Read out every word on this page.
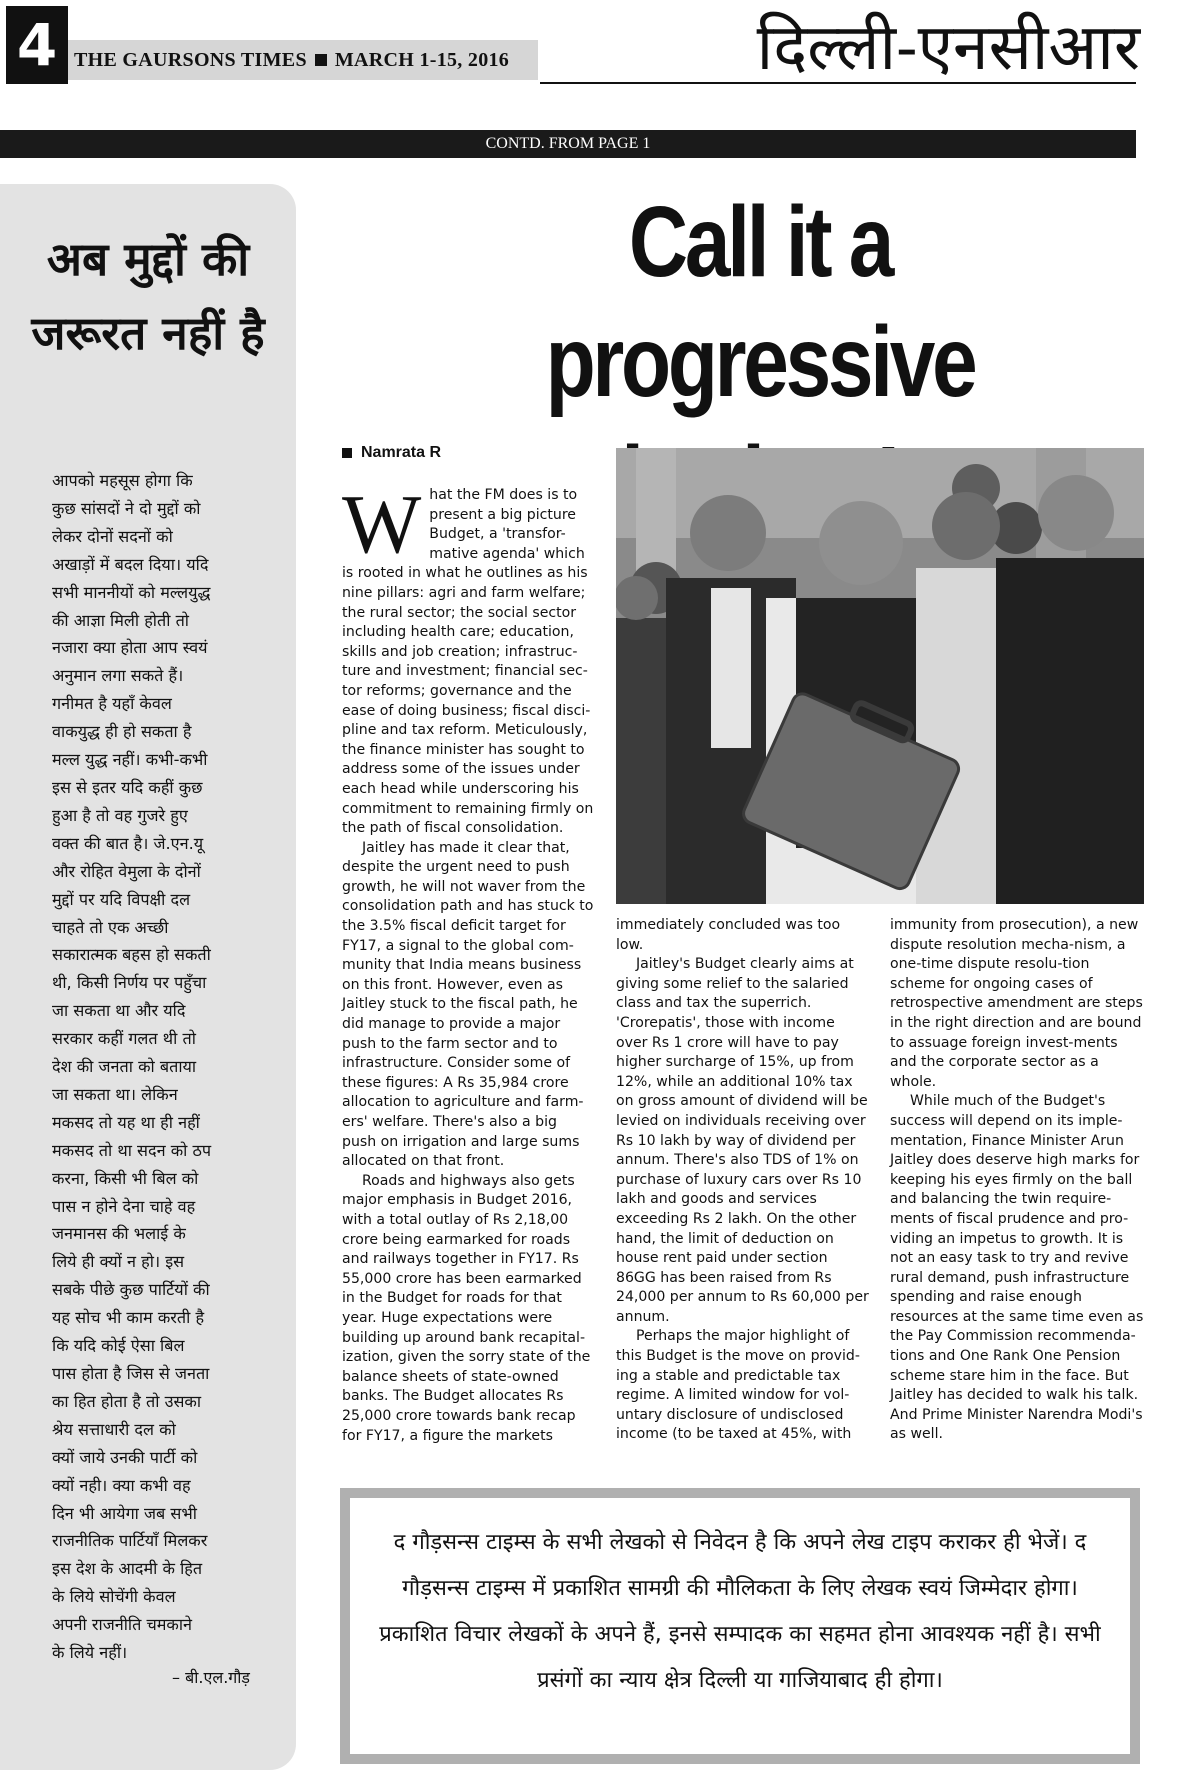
4 THE GAURSONS TIMES MARCH 1-15, 2016	दिल्ली-एनसीआर
CONTD. FROM PAGE 1
अब मुद्दों की जरूरत नहीं है
आपको महसूस होगा कि
कुछ सांसदों ने दो मुद्दों को
लेकर दोनों सदनों को
अखाड़ों में बदल दिया। यदि
सभी माननीयों को मल्लयुद्ध
की आज्ञा मिली होती तो
नजारा क्या होता आप स्वयं
अनुमान लगा सकते हैं।
गनीमत है यहाँ केवल
वाकयुद्ध ही हो सकता है
मल्ल युद्ध नहीं। कभी-कभी
इस से इतर यदि कहीं कुछ
हुआ है तो वह गुजरे हुए
वक्त की बात है। जे.एन.यू
और रोहित वेमुला के दोनों
मुद्दों पर यदि विपक्षी दल
चाहते तो एक अच्छी
सकारात्मक बहस हो सकती
थी, किसी निर्णय पर पहुँचा
जा सकता था और यदि
सरकार कहीं गलत थी तो
देश की जनता को बताया
जा सकता था। लेकिन
मकसद तो यह था ही नहीं
मकसद तो था सदन को ठप
करना, किसी भी बिल को
पास न होने देना चाहे वह
जनमानस की भलाई के
लिये ही क्यों न हो। इस
सबके पीछे कुछ पार्टियों की
यह सोच भी काम करती है
कि यदि कोई ऐसा बिल
पास होता है जिस से जनता
का हित होता है तो उसका
श्रेय सत्ताधारी दल को
क्यों जाये उनकी पार्टी को
क्यों नही। क्या कभी वह
दिन भी आयेगा जब सभी
राजनीतिक पार्टियाँ मिलकर
इस देश के आदमी के हित
के लिये सोचेंगी केवल
अपनी राजनीति चमकाने
के लिये नहीं।
– बी.एल.गौड़
Call it a
progressive
Namrata R

What the FM does is to present a big picture Budget, a 'transfor-mative agenda' which is rooted in what he outlines as his nine pillars: agri and farm welfare; the rural sector; the social sector including health care; education, skills and job creation; infrastruc-ture and investment; financial sec-tor reforms; governance and the ease of doing business; fiscal disci-pline and tax reform. Meticulously, the finance minister has sought to address some of the issues under each head while underscoring his commitment to remaining firmly on the path of fiscal consolidation.

Jaitley has made it clear that, despite the urgent need to push growth, he will not waver from the consolidation path and has stuck to the 3.5% fiscal deficit target for FY17, a signal to the global com-munity that India means business on this front. However, even as Jaitley stuck to the fiscal path, he did manage to provide a major push to the farm sector and to infrastructure. Consider some of these figures: A Rs 35,984 crore allocation to agriculture and farm-ers' welfare. There's also a big push on irrigation and large sums allocated on that front.

Roads and highways also gets major emphasis in Budget 2016, with a total outlay of Rs 2,18,00 crore being earmarked for roads and railways together in FY17. Rs 55,000 crore has been earmarked in the Budget for roads for that year. Huge expectations were building up around bank recapital-ization, given the sorry state of the balance sheets of state-owned banks. The Budget allocates Rs 25,000 crore towards bank recap for FY17, a figure the markets

immediately concluded was too low.

Jaitley's Budget clearly aims at giving some relief to the salaried class and tax the superrich. 'Crorepatis', those with income over Rs 1 crore will have to pay higher surcharge of 15%, up from 12%, while an additional 10% tax on gross amount of dividend will be levied on individuals receiving over Rs 10 lakh by way of dividend per annum. There's also TDS of 1% on purchase of luxury cars over Rs 10 lakh and goods and services exceeding Rs 2 lakh. On the other hand, the limit of deduction on house rent paid under section 86GG has been raised from Rs 24,000 per annum to Rs 60,000 per annum.

Perhaps the major highlight of this Budget is the move on provid-ing a stable and predictable tax regime. A limited window for vol-untary disclosure of undisclosed income (to be taxed at 45%, with

immunity from prosecution), a new dispute resolution mecha-nism, a one-time dispute resolu-tion scheme for ongoing cases of retrospective amendment are steps in the right direction and are bound to assuage foreign invest-ments and the corporate sector as a whole.

While much of the Budget's success will depend on its imple-mentation, Finance Minister Arun Jaitley does deserve high marks for keeping his eyes firmly on the ball and balancing the twin require-ments of fiscal prudence and pro-viding an impetus to growth. It is not an easy task to try and revive rural demand, push infrastructure spending and raise enough resources at the same time even as the Pay Commission recommenda-tions and One Rank One Pension scheme stare him in the face. But Jaitley has decided to walk his talk. And Prime Minister Narendra Modi's as well.

द गौड़सन्स टाइम्स के सभी लेखको से निवेदन है कि अपने लेख टाइप कराकर ही भेजें। द गौड़सन्स टाइम्स में प्रकाशित सामग्री की मौलिकता के लिए लेखक स्वयं जिम्मेदार होगा। प्रकाशित विचार लेखकों के अपने हैं, इनसे सम्पादक का सहमत होना आवश्यक नहीं है। सभी प्रसंगों का न्याय क्षेत्र दिल्ली या गाजियाबाद ही होगा।
